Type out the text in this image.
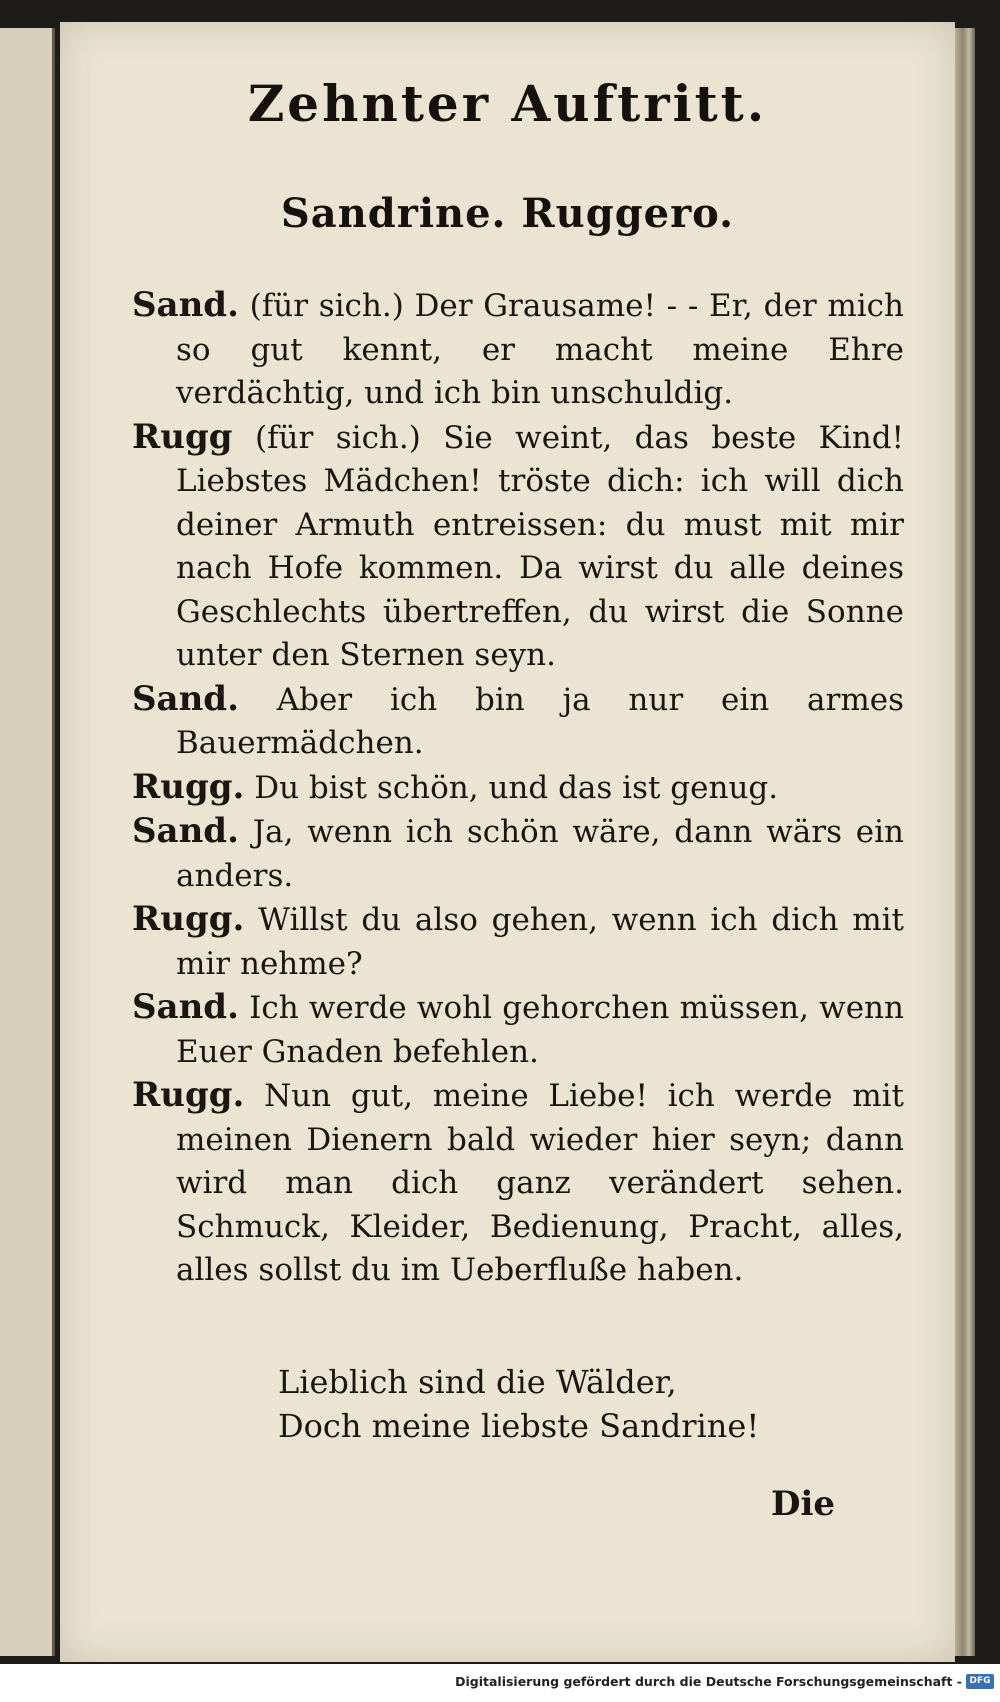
Zehnter Auftritt.
Sandrine. Ruggero.

Sand. (für sich.) Der Grausame! - - Er, der mich so gut kennt, er macht meine Ehre verdächtig, und ich bin unschuldig.

Rugg (für sich.) Sie weint, das beste Kind! Liebstes Mädchen! tröste dich: ich will dich deiner Armuth entreissen: du must mit mir nach Hofe kommen. Da wirst du alle deines Geschlechts übertreffen, du wirst die Sonne unter den Sternen seyn.

Sand. Aber ich bin ja nur ein armes Bauermädchen.

Rugg. Du bist schön, und das ist genug.

Sand. Ja, wenn ich schön wäre, dann wärs ein anders.

Rugg. Willst du also gehen, wenn ich dich mit mir nehme?

Sand. Ich werde wohl gehorchen müssen, wenn Euer Gnaden befehlen.

Rugg. Nun gut, meine Liebe! ich werde mit meinen Dienern bald wieder hier seyn; dann wird man dich ganz verändert sehen. Schmuck, Kleider, Bedienung, Pracht, alles, alles sollst du im Ueberfluße haben.

Lieblich sind die Wälder,
Doch meine liebste Sandrine!
Die
Digitalisierung gefördert durch die Deutsche Forschungsgemeinschaft - DFG
